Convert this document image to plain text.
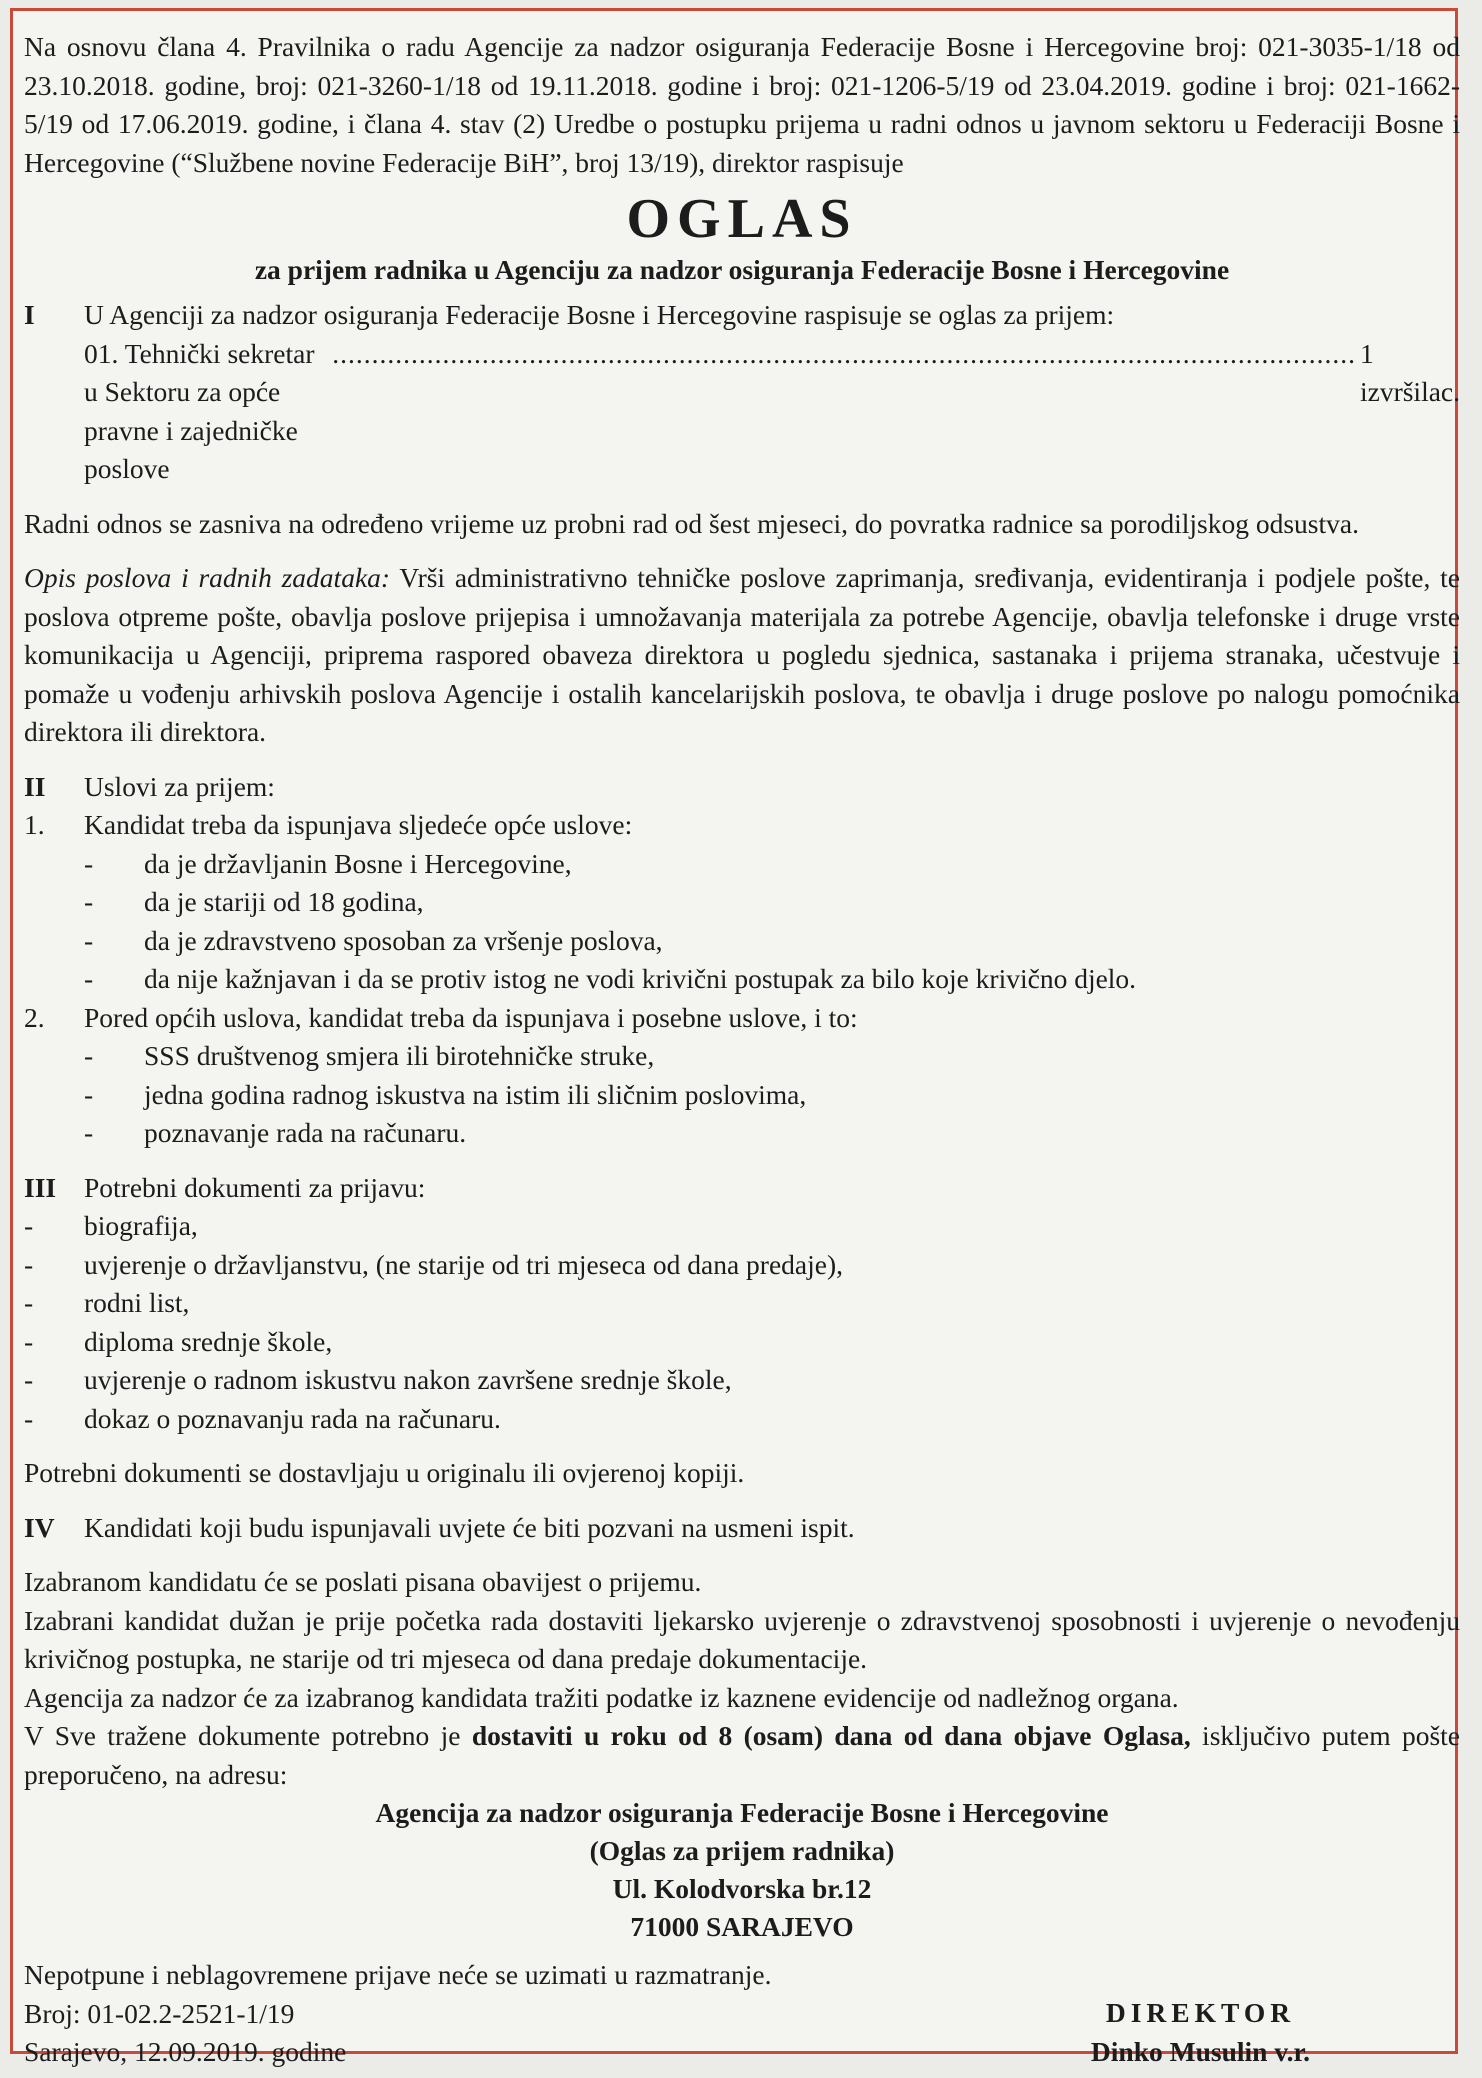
Na osnovu člana 4. Pravilnika o radu Agencije za nadzor osiguranja Federacije Bosne i Hercegovine broj: 021-3035-1/18 od 23.10.2018. godine, broj: 021-3260-1/18 od 19.11.2018. godine i broj: 021-1206-5/19 od 23.04.2019. godine i broj: 021-1662-5/19 od 17.06.2019. godine, i člana 4. stav (2) Uredbe o postupku prijema u radni odnos u javnom sektoru u Federaciji Bosne i Hercegovine (“Službene novine Federacije BiH”, broj 13/19), direktor raspisuje

OGLAS
za prijem radnika u Agenciju za nadzor osiguranja Federacije Bosne i Hercegovine
I	U Agenciji za nadzor osiguranja Federacije Bosne i Hercegovine raspisuje se oglas za prijem:
01. Tehnički sekretar u Sektoru za opće pravne i zajedničke poslove
.................................................................................................................................. 1 izvršilac.

Radni odnos se zasniva na određeno vrijeme uz probni rad od šest mjeseci, do povratka radnice sa porodiljskog odsustva.

Opis poslova i radnih zadataka: Vrši administrativno tehničke poslove zaprimanja, sređivanja, evidentiranja i podjele pošte, te poslova otpreme pošte, obavlja poslove prijepisa i umnožavanja materijala za potrebe Agencije, obavlja telefonske i druge vrste komunikacija u Agenciji, priprema raspored obaveza direktora u pogledu sjednica, sastanaka i prijema stranaka, učestvuje i pomaže u vođenju arhivskih poslova Agencije i ostalih kancelarijskih poslova, te obavlja i druge poslove po nalogu pomoćnika direktora ili direktora.

II	Uslovi za prijem:
1.	Kandidat treba da ispunjava sljedeće opće uslove:
-	da je državljanin Bosne i Hercegovine,
-	da je stariji od 18 godina,
-	da je zdravstveno sposoban za vršenje poslova,
-	da nije kažnjavan i da se protiv istog ne vodi krivični postupak za bilo koje krivično djelo.
2.	Pored općih uslova, kandidat treba da ispunjava i posebne uslove, i to:
-	SSS društvenog smjera ili birotehničke struke,
-	jedna godina radnog iskustva na istim ili sličnim poslovima,
-	poznavanje rada na računaru.
III	Potrebni dokumenti za prijavu:
-	biografija,
-	uvjerenje o državljanstvu, (ne starije od tri mjeseca od dana predaje),
-	rodni list,
-	diploma srednje škole,
-	uvjerenje o radnom iskustvu nakon završene srednje škole,
-	dokaz o poznavanju rada na računaru.

Potrebni dokumenti se dostavljaju u originalu ili ovjerenoj kopiji.

IV	Kandidati koji budu ispunjavali uvjete će biti pozvani na usmeni ispit.

Izabranom kandidatu će se poslati pisana obavijest o prijemu.

Izabrani kandidat dužan je prije početka rada dostaviti ljekarsko uvjerenje o zdravstvenoj sposobnosti i uvjerenje o nevođenju krivičnog postupka, ne starije od tri mjeseca od dana predaje dokumentacije.

Agencija za nadzor će za izabranog kandidata tražiti podatke iz kaznene evidencije od nadležnog organa.

V Sve tražene dokumente potrebno je dostaviti u roku od 8 (osam) dana od dana objave Oglasa, isključivo putem pošte preporučeno, na adresu:

Agencija za nadzor osiguranja Federacije Bosne i Hercegovine
(Oglas za prijem radnika)
Ul. Kolodvorska br.12
71000 SARAJEVO
Nepotpune i neblagovremene prijave neće se uzimati u razmatranje.
Broj: 01-02.2-2521-1/19
Sarajevo, 12.09.2019. godine
DIREKTOR
Dinko Musulin v.r.
